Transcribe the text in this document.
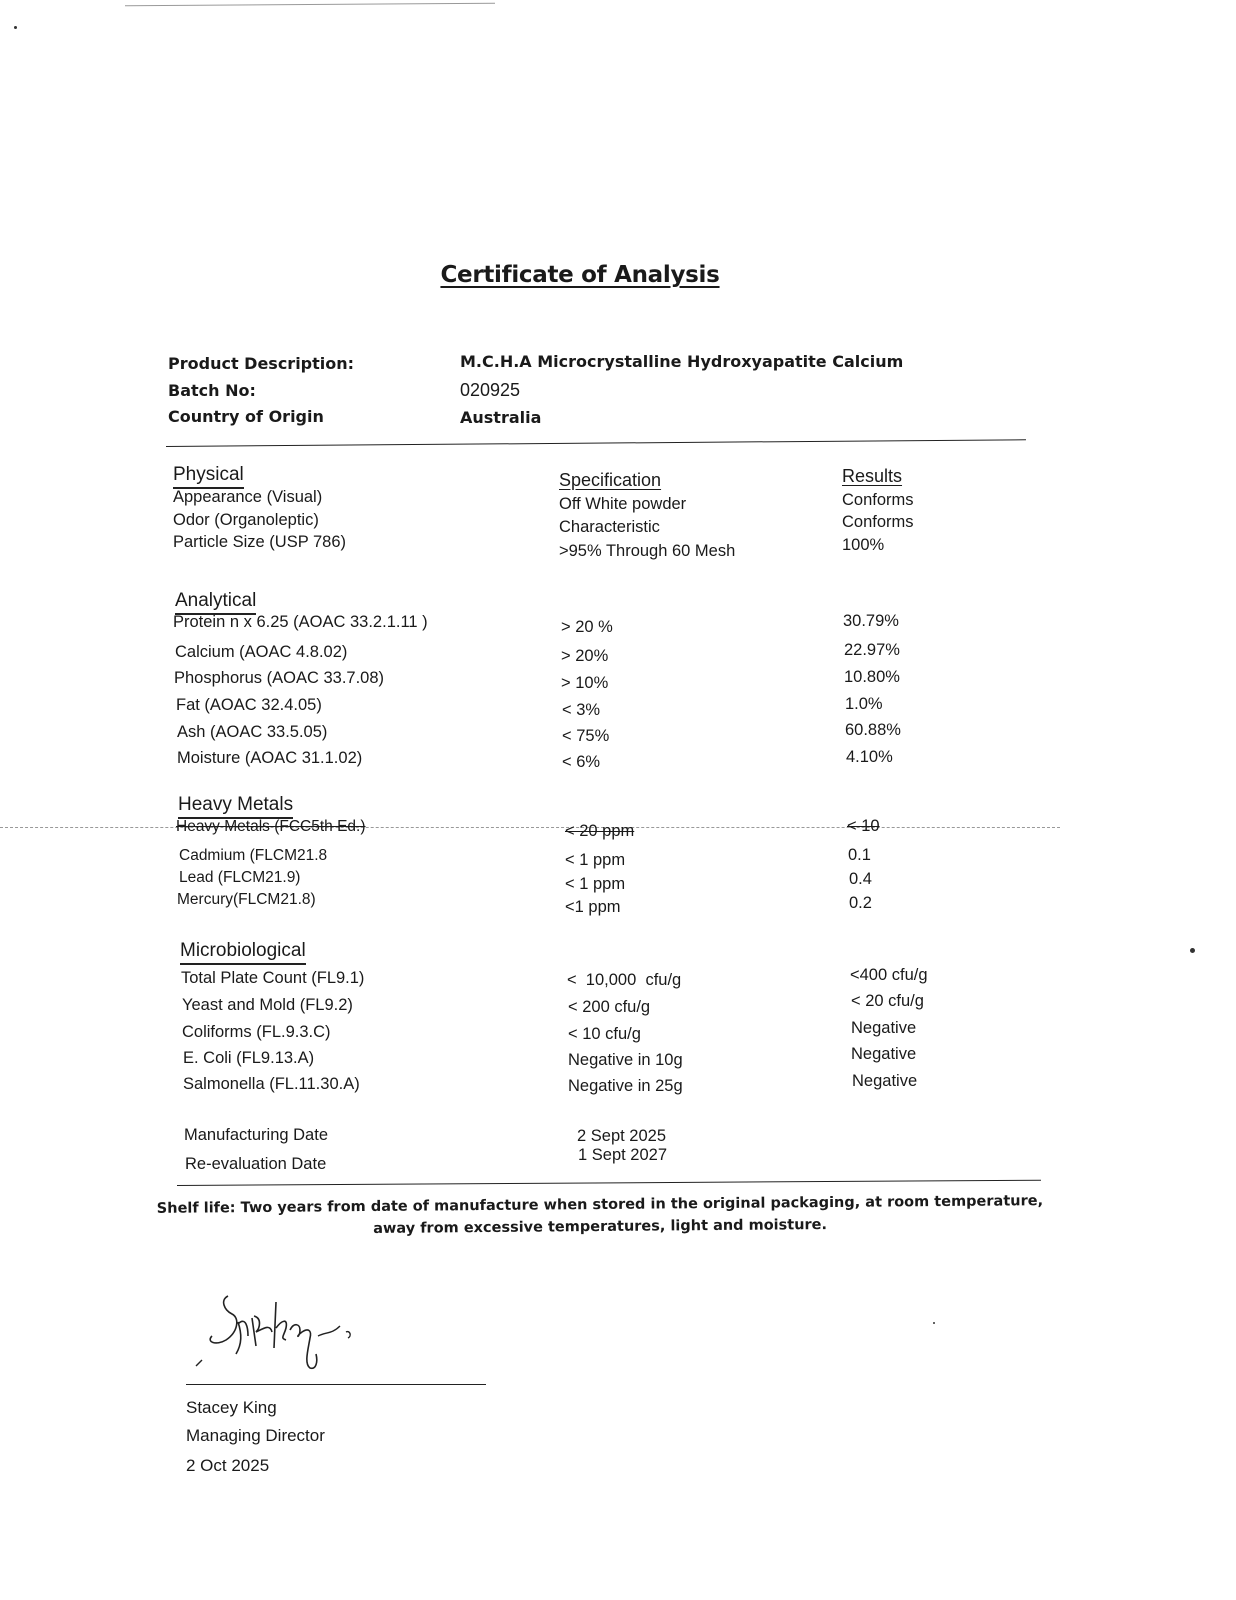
Certificate of Analysis
Product Description:	M.C.H.A Microcrystalline Hydroxyapatite Calcium
Batch No:	020925
Country of Origin	Australia
Specification	Results
Physical
Appearance (Visual)	Off White powder	Conforms
Odor (Organoleptic)	Characteristic	Conforms
Particle Size (USP 786)	>95% Through 60 Mesh	100%
Analytical
Protein n x 6.25 (AOAC 33.2.1.11 )	> 20 %	30.79%
Calcium (AOAC 4.8.02)	> 20%	22.97%
Phosphorus (AOAC 33.7.08)	> 10%	10.80%
Fat (AOAC 32.4.05)	< 3%	1.0%
Ash (AOAC 33.5.05)	< 75%	60.88%
Moisture (AOAC 31.1.02)	< 6%	4.10%
Heavy Metals
Heavy Metals (FCC5th Ed.)	< 20 ppm	< 10
Cadmium (FLCM21.8	< 1 ppm	0.1
Lead (FLCM21.9)	< 1 ppm	0.4
Mercury(FLCM21.8)	<1 ppm	0.2
Microbiological
Total Plate Count (FL9.1)	<  10,000  cfu/g	<400 cfu/g
Yeast and Mold (FL9.2)	< 200 cfu/g	< 20 cfu/g
Coliforms (FL.9.3.C)	< 10 cfu/g	Negative
E. Coli (FL9.13.A)	Negative in 10g	Negative
Salmonella (FL.11.30.A)	Negative in 25g	Negative
Manufacturing Date	2 Sept 2025
Re-evaluation Date	1 Sept 2027
Shelf life: Two years from date of manufacture when stored in the original packaging, at room temperature,
away from excessive temperatures, light and moisture.
Stacey King
Managing Director
2 Oct 2025
